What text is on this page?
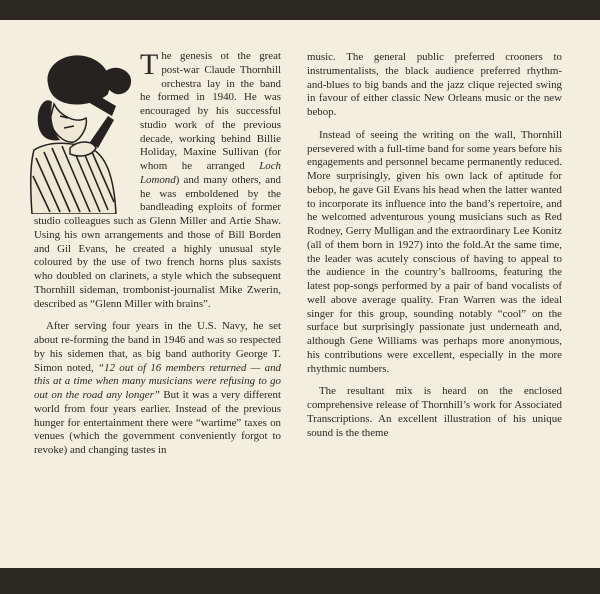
The genesis ot the great post-war Claude Thornhill orchestra lay in the band he formed in 1940. He was encouraged by his successful studio work of the previous decade, working behind Billie Holiday, Maxine Sullivan (for whom he arranged Loch Lomond) and many others, and he was emboldened by the bandleading exploits of former studio colleagues such as Glenn Miller and Artie Shaw. Using his own arrangements and those of Bill Borden and Gil Evans, he created a highly unusual style coloured by the use of two french horns plus saxists who doubled on clarinets, a style which the subsequent Thornhill sideman, trombonist-journalist Mike Zwerin, described as “Glenn Miller with brains”.

After serving four years in the U.S. Navy, he set about re-forming the band in 1946 and was so respected by his sidemen that, as big band authority George T. Simon noted, “12 out of 16 members returned — and this at a time when many musicians were refusing to go out on the road any longer” But it was a very different world from four years earlier. Instead of the previous hunger for entertainment there were “wartime” taxes on venues (which the government conveniently forgot to revoke) and changing tastes in

music. The general public preferred crooners to instrumentalists, the black audience preferred rhythm-and-blues to big bands and the jazz clique rejected swing in favour of either classic New Orleans music or the new bebop.

Instead of seeing the writing on the wall, Thornhill persevered with a full-time band for some years before his engagements and personnel became permanently reduced. More surprisingly, given his own lack of aptitude for bebop, he gave Gil Evans his head when the latter wanted to incorporate its influence into the band’s repertoire, and he welcomed adventurous young musicians such as Red Rodney, Gerry Mulligan and the extraordinary Lee Konitz (all of them born in 1927) into the fold.At the same time, the leader was acutely conscious of having to appeal to the audience in the country’s ballrooms, featuring the latest pop-songs performed by a pair of band vocalists of well above average quality. Fran Warren was the ideal singer for this group, sounding notably “cool” on the surface but surprisingly passionate just underneath and, although Gene Williams was perhaps more anonymous, his contributions were excellent, especially in the more rhythmic numbers.

The resultant mix is heard on the enclosed comprehensive release of Thornhill’s work for Associated Transcriptions. An excellent illustration of his unique sound is the theme
